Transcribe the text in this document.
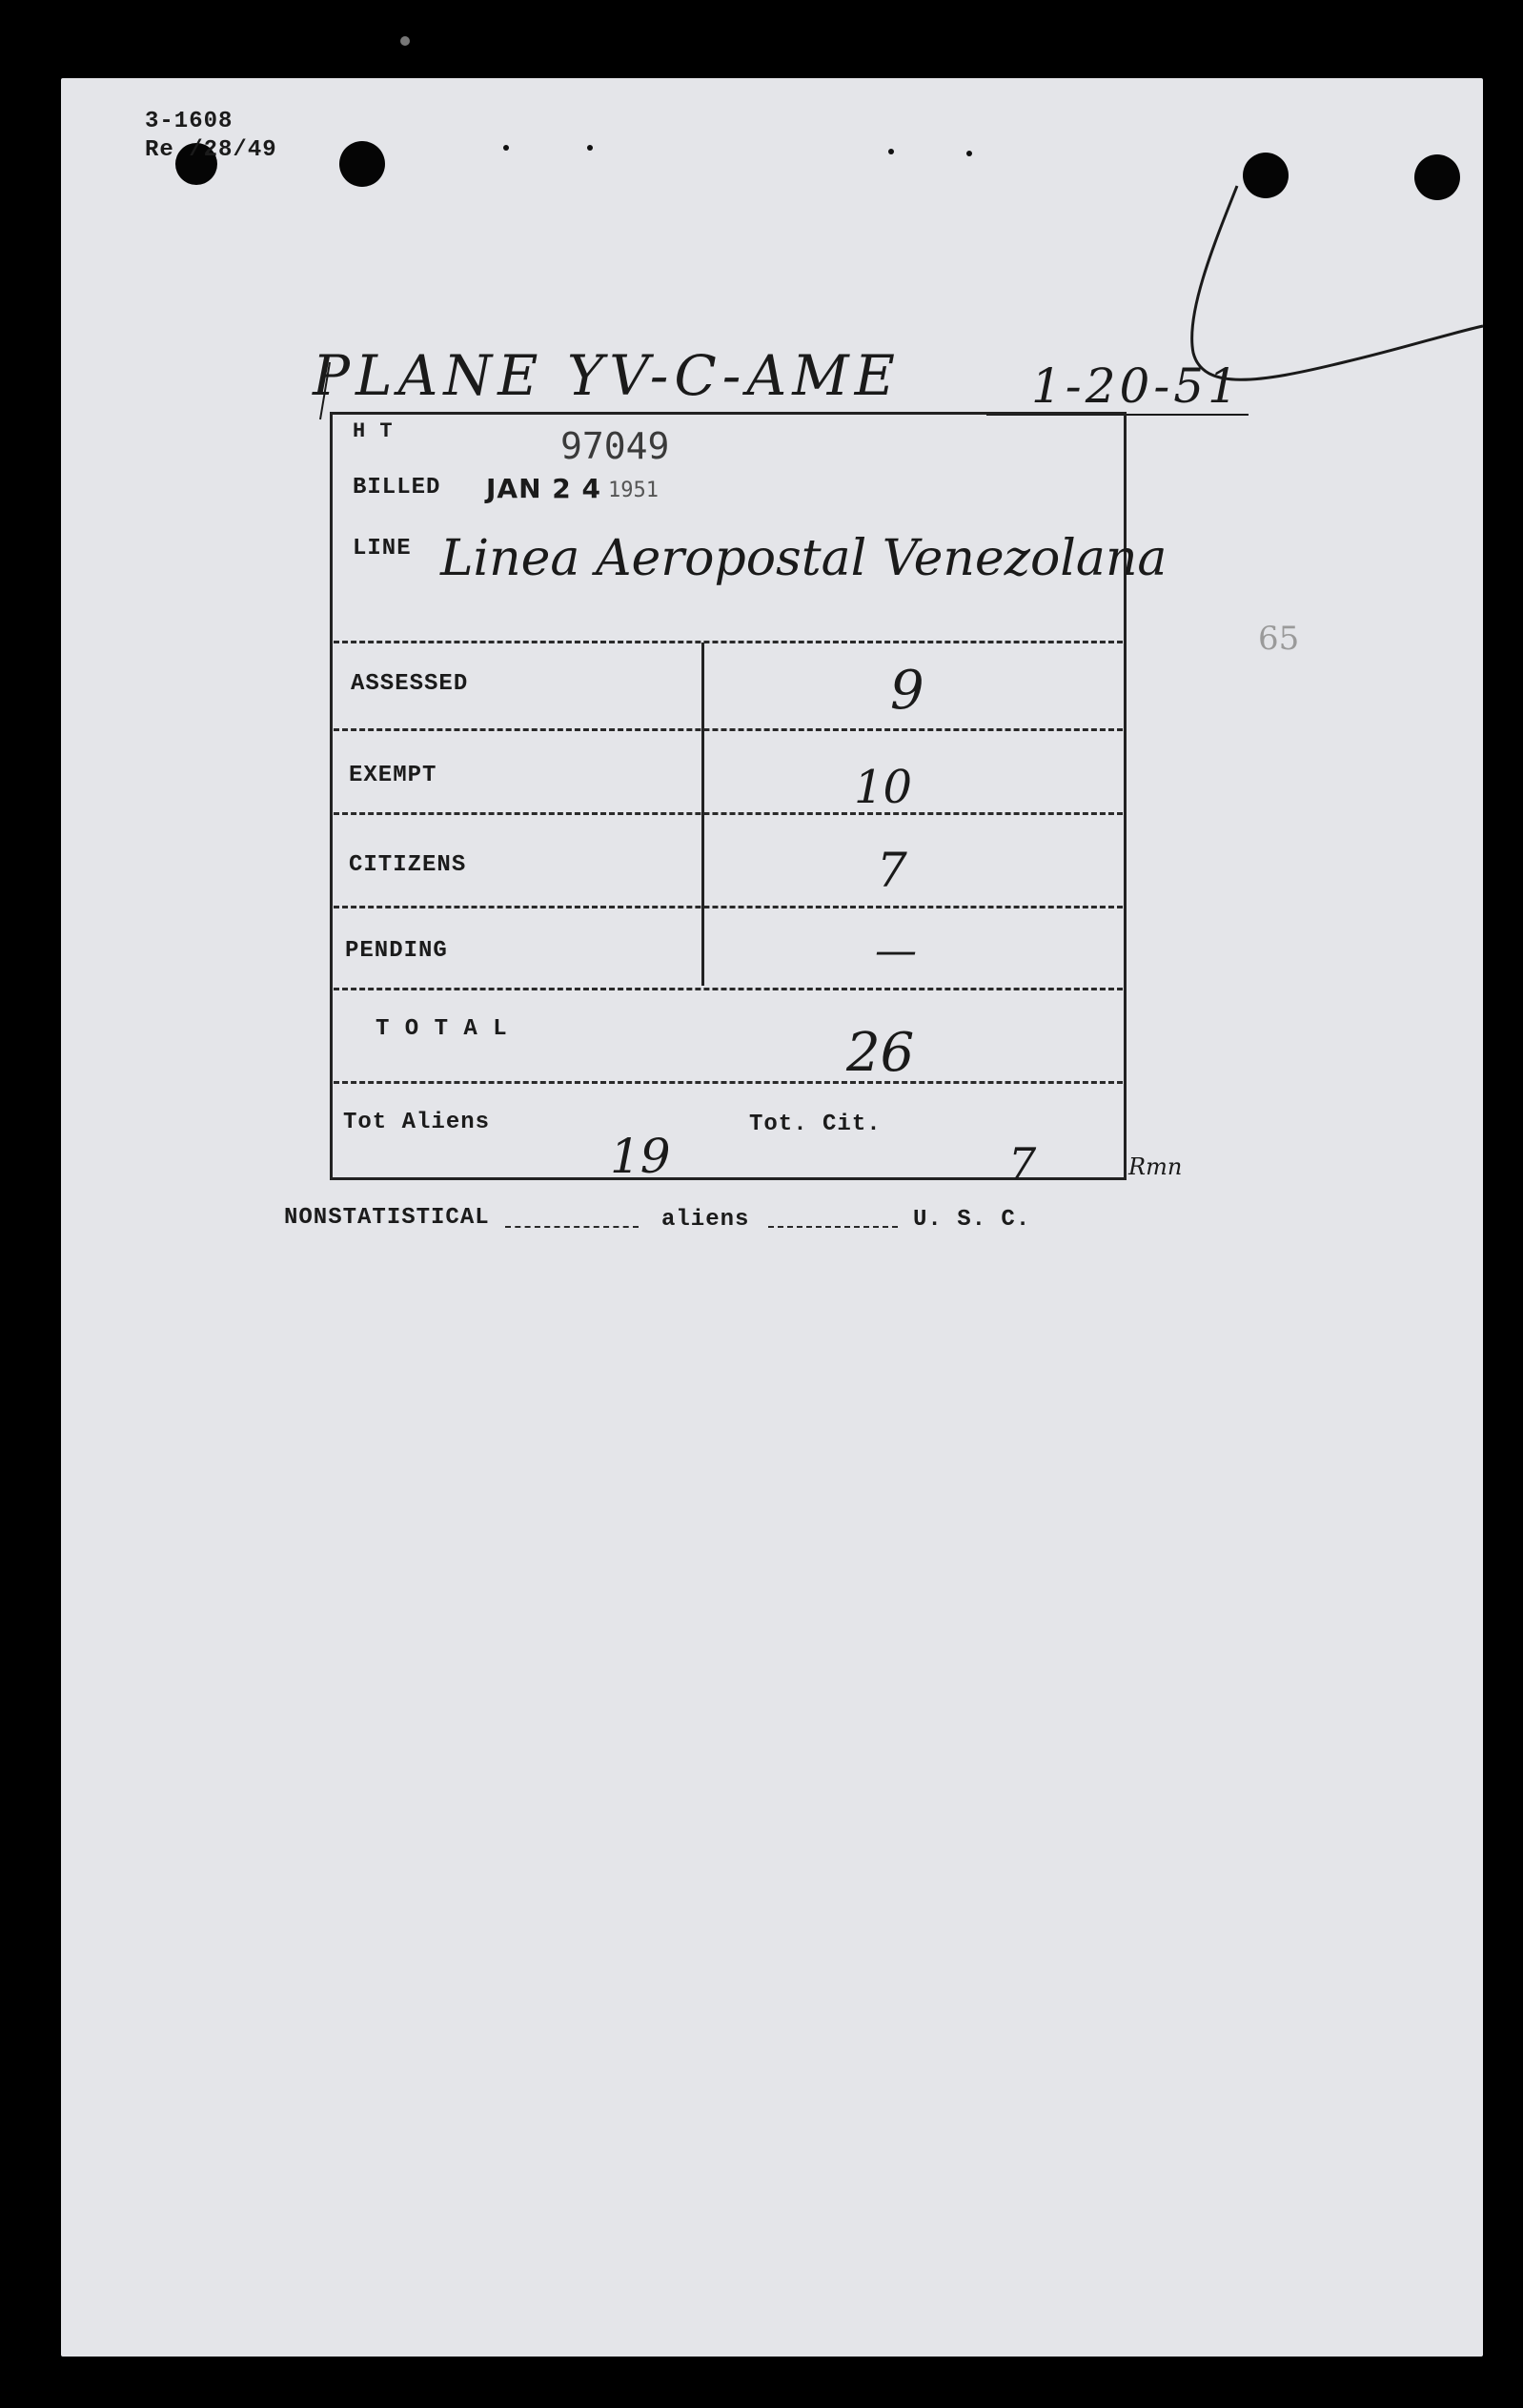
3-1608
Re /28/49
PLANE YV-C-AME	1-20-51
H T	97049
BILLED JAN 2 4 1951
LINE Linea Aeropostal Venezolana
ASSESSED	9
EXEMPT	10
CITIZENS	7
PENDING	—
T O T A L	26
Tot Aliens
19
Tot. Cit.
7	Rmn
NONSTATISTICAL	aliens	U. S. C.
65
